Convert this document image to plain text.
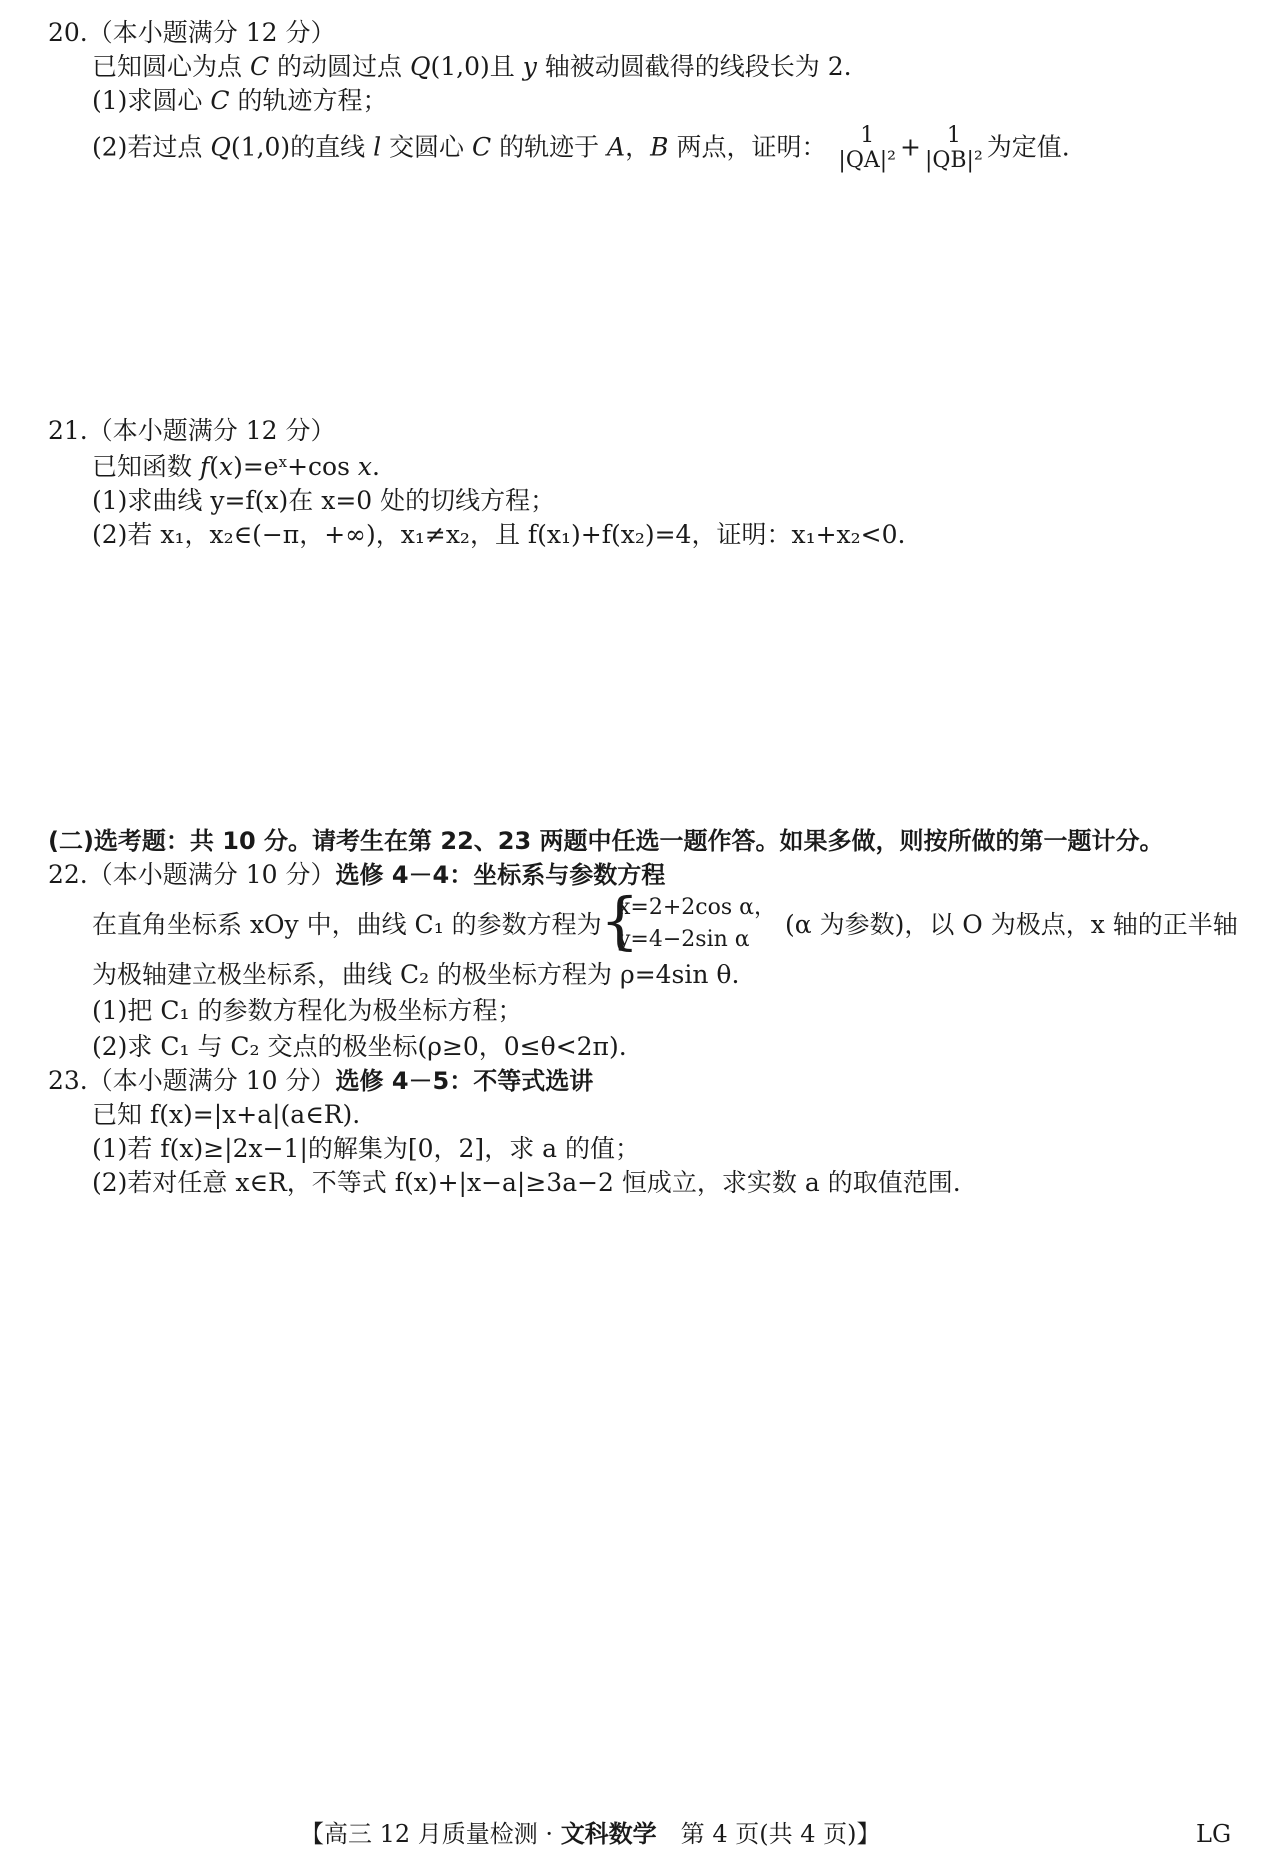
20.（本小题满分 12 分）
已知圆心为点 C 的动圆过点 Q(1,0)且 y 轴被动圆截得的线段长为 2.
(1)求圆心 C 的轨迹方程；
(2)若过点 Q(1,0)的直线 l 交圆心 C 的轨迹于 A，B 两点，证明：	1
|QA|² +	1
|QB|² 为定值.
21.（本小题满分 12 分）
已知函数 $f(x)=e^x+\cos$ x.
(1)求曲线 y=f(x)在 x=0 处的切线方程；
(2)若 x₁，x₂∈(−π，+∞)，x₁≠x₂，且 f(x₁)+f(x₂)=4，证明：x₁+x₂<0.
(二)选考题：共 10 分。请考生在第 22、23 两题中任选一题作答。如果多做，则按所做的第一题计分。
22.（本小题满分 10 分）选修 4－4：坐标系与参数方程
在直角坐标系 xOy 中，曲线 C₁ 的参数方程为
{
x=2+2cos α，
y=4−2sin α
(α 为参数)，以 O 为极点，x 轴的正半轴
为极轴建立极坐标系，曲线 C₂ 的极坐标方程为 ρ=4sin θ.
(1)把 C₁ 的参数方程化为极坐标方程；
(2)求 C₁ 与 C₂ 交点的极坐标(ρ≥0，0≤θ<2π).
23.（本小题满分 10 分）选修 4－5：不等式选讲
已知 f(x)=|x+a|(a∈R).
(1)若 f(x)≥|2x−1|的解集为[0，2]，求 a 的值；
(2)若对任意 x∈R，不等式 f(x)+|x−a|≥3a−2 恒成立，求实数 a 的取值范围.
【高三 12 月质量检测 · 文科数学　第 4 页(共 4 页)】	LG
